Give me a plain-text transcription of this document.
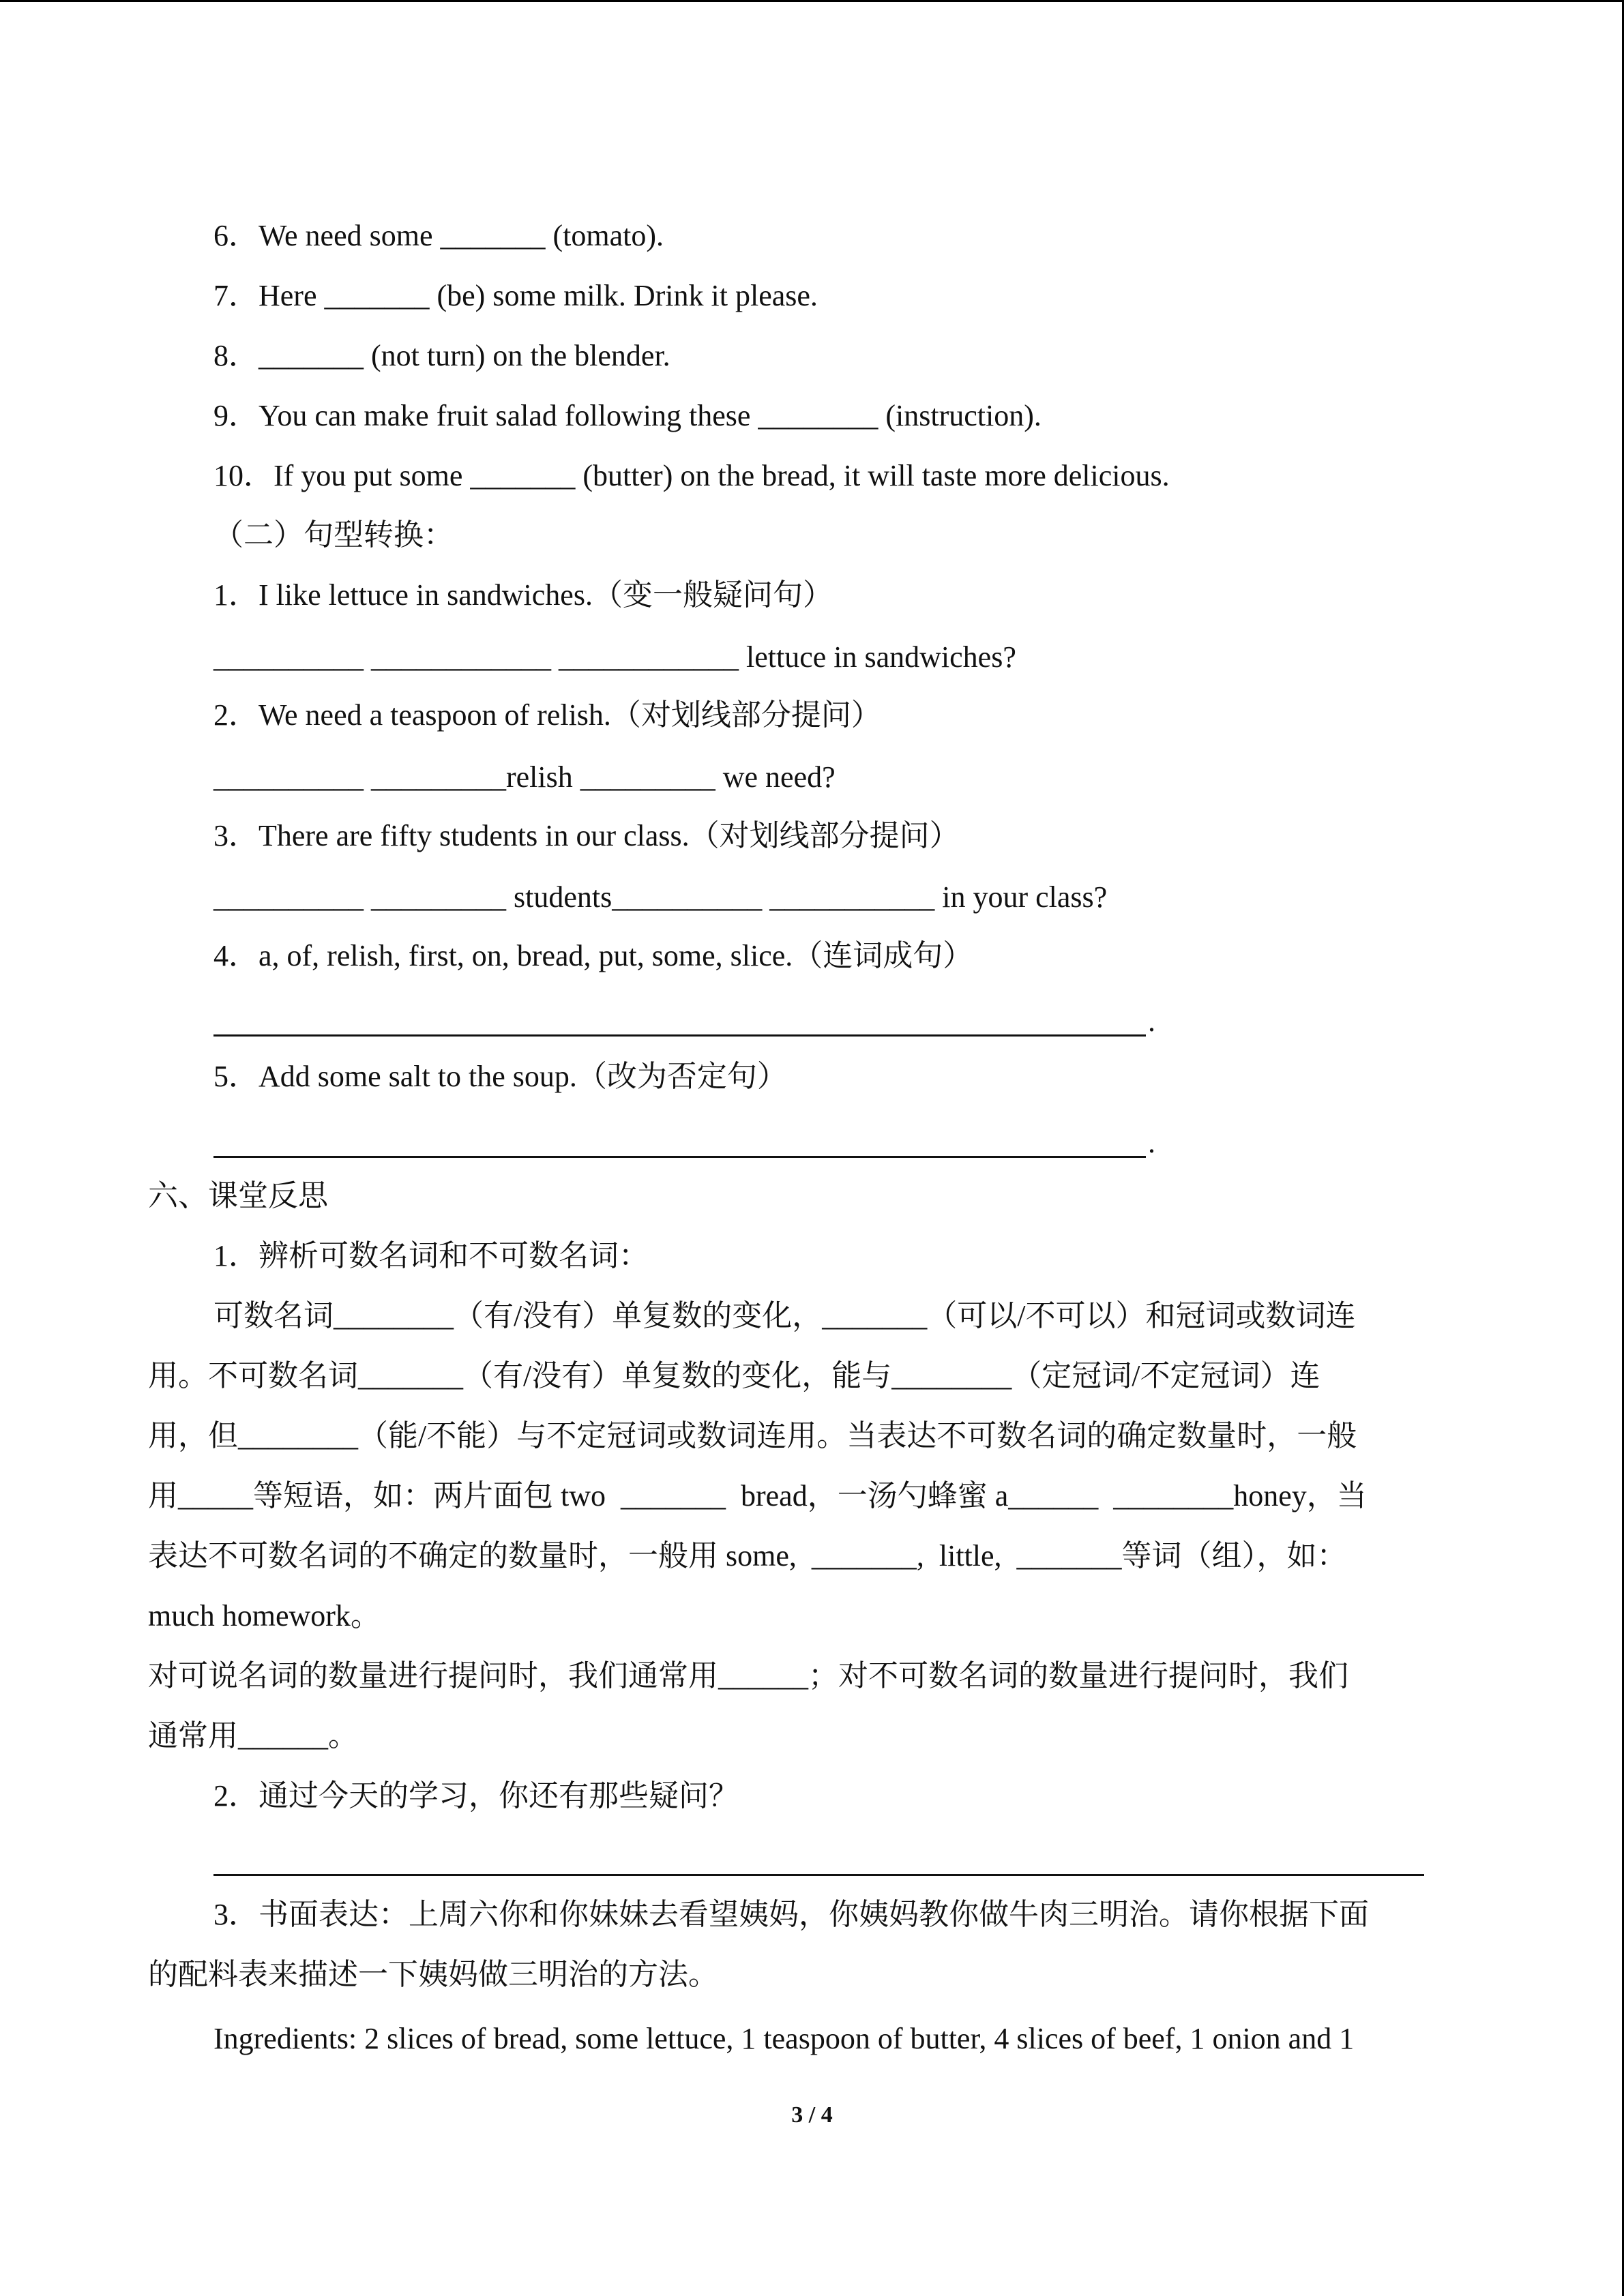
6．We need some _______ (tomato).
7．Here _______ (be) some milk. Drink it please.
8．_______ (not turn) on the blender.
9．You can make fruit salad following these ________ (instruction).
10．If you put some _______ (butter) on the bread, it will taste more delicious.
（二）句型转换：
1．I like lettuce in sandwiches.（变一般疑问句）
__________ ____________ ____________ lettuce in sandwiches?
2．We need a teaspoon of relish.（对划线部分提问）
__________ _________relish _________ we need?
3．There are fifty students in our class.（对划线部分提问）
__________ _________ students__________ ___________ in your class?
4．a, of, relish, first, on, bread, put, some, slice.（连词成句）
.
5．Add some salt to the soup.（改为否定句）
.
六、课堂反思
1．辨析可数名词和不可数名词：
可数名词________（有/没有）单复数的变化，_______（可以/不可以）和冠词或数词连
用。不可数名词_______（有/没有）单复数的变化，能与________（定冠词/不定冠词）连
用，但________（能/不能）与不定冠词或数词连用。当表达不可数名词的确定数量时，一般
用_____等短语，如：两片面包 two  _______  bread，一汤勺蜂蜜 a______  ________honey，当
表达不可数名词的不确定的数量时，一般用 some,  _______,  little,  _______等词（组），如：
much homework。
对可说名词的数量进行提问时，我们通常用______；对不可数名词的数量进行提问时，我们
通常用______。
2．通过今天的学习，你还有那些疑问？
3．书面表达：上周六你和你妹妹去看望姨妈，你姨妈教你做牛肉三明治。请你根据下面
的配料表来描述一下姨妈做三明治的方法。
Ingredients: 2 slices of bread, some lettuce, 1 teaspoon of butter, 4 slices of beef, 1 onion and 1
3 / 4
